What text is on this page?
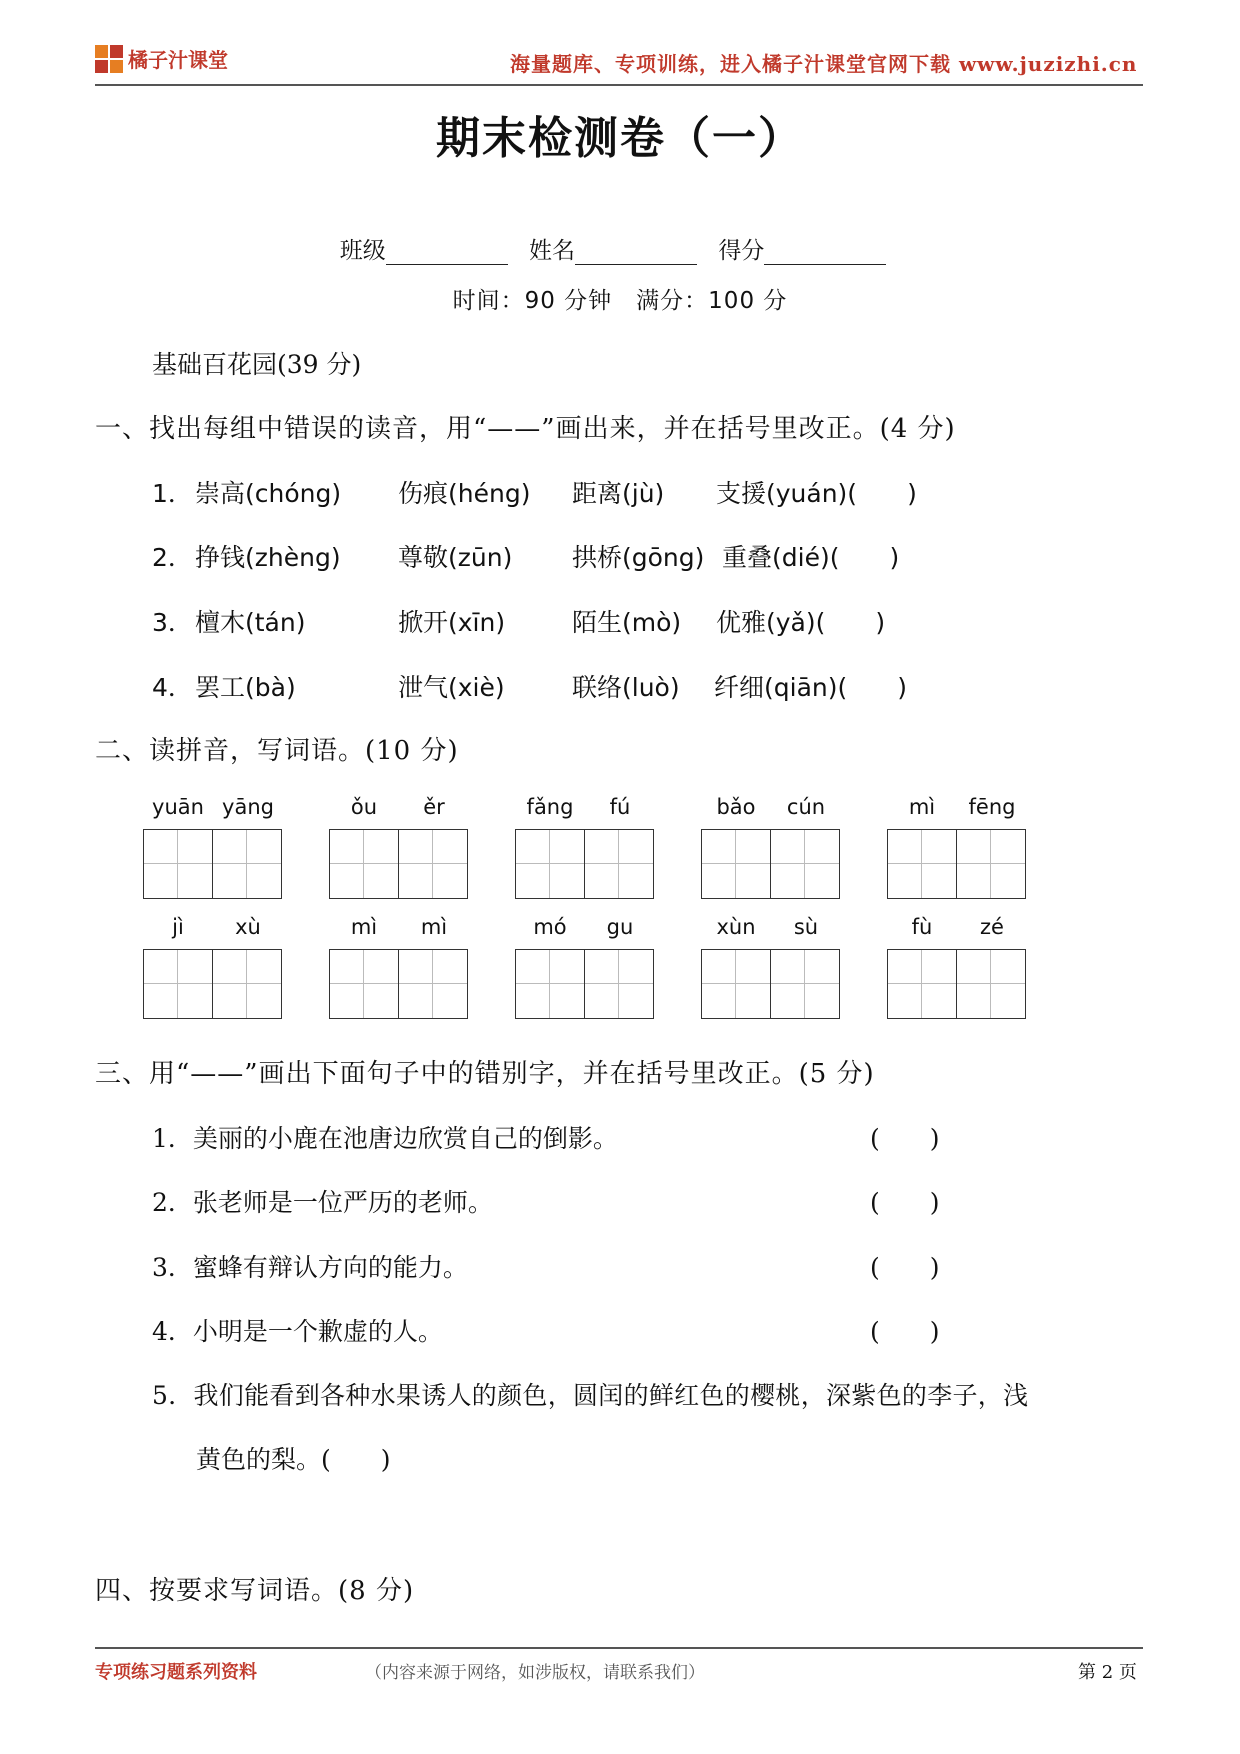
橘子汁课堂	海量题库、专项训练，进入橘子汁课堂官网下载 www.juzizhi.cn
期末检测卷（一）
班级	姓名	得分
时间：90 分钟　满分：100 分
基础百花园(39 分)
一、找出每组中错误的读音，用“——”画出来，并在括号里改正。(4 分)
1． 崇高(chóng) 伤痕(héng) 距离(jù) 支援(yuán)(　　)
2． 挣钱(zhèng) 尊敬(zūn) 拱桥(gōng) 重叠(dié)(　　)
3． 檀木(tán)	掀开(xīn)	陌生(mò) 优雅(yǎ)(　　)
4． 罢工(bà)	泄气(xiè)	联络(luò) 纤细(qiān)(　　)
二、读拼音，写词语。(10 分)
yuān yāng	ǒu	ěr	fǎng	fú	bǎo	cún	mì	fēng
jì	xù	mì	mì	mó	gu	xùn	sù	fù	zé
三、用“——”画出下面句子中的错别字，并在括号里改正。(5 分)
1．美丽的小鹿在池唐边欣赏自己的倒影。	(　　)
2．张老师是一位严历的老师。	(　　)
3．蜜蜂有辩认方向的能力。	(　　)
4．小明是一个歉虚的人。	(　　)
5．我们能看到各种水果诱人的颜色，圆闰的鲜红色的樱桃，深紫色的李子，浅
黄色的梨。(　　)
四、按要求写词语。(8 分)
专项练习题系列资料	（内容来源于网络，如涉版权，请联系我们）	第 2 页
